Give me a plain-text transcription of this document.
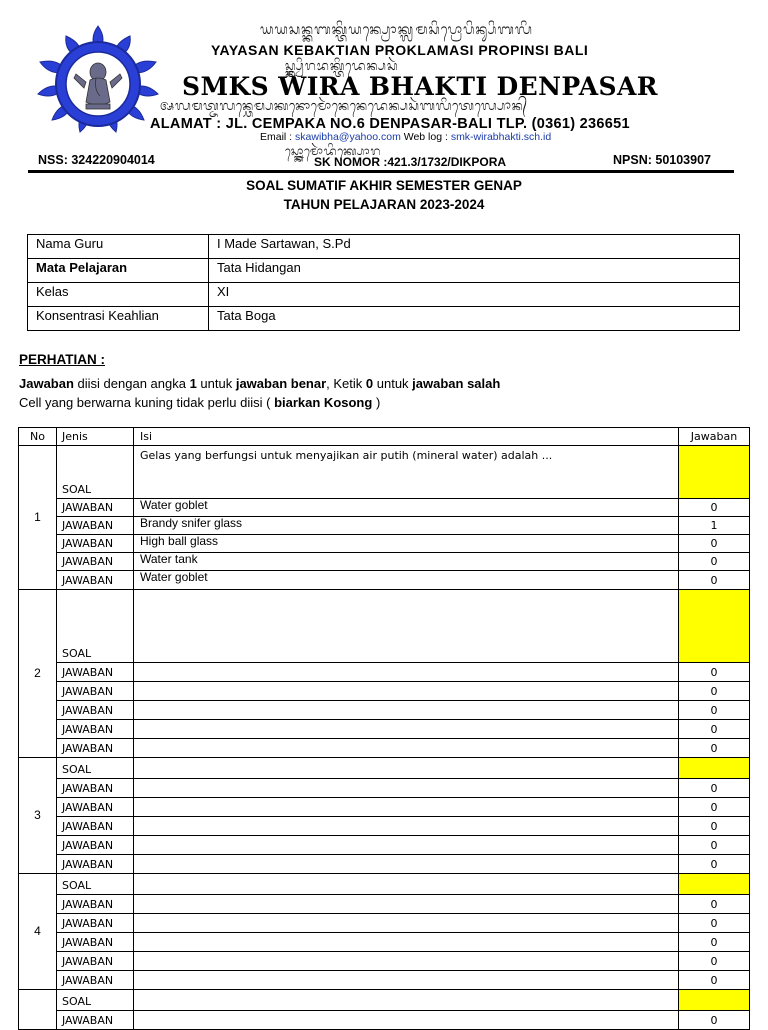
ᬬᬬᬲᬦ᭄ᬓᬩᬓ᭄ᬢᬶᬬᬦ᭄ᬧ᭄ᬭᭀᬓ᭄ᬮᬫᬲᬶᬧ᭄ᬭᭀᬧᬶᬦ᭄ᬲᬶᬩᬮᬶ
YAYASAN KEBAKTIAN PROKLAMASI PROPINSI BALI
ᬲ᭄ᬫ᭄ᬓ᭄ᬲ᭄ᬯᬶᬭᬪᬓ᭄ᬢᬶᬤᬾᬦ᭄ᬧᬲᬃ
SMKS WIRA BHAKTI DENPASAR
ᬅᬮᬫᬢ᭄ᬚᬮᬦ᭄ᬘᬾᬫ᭄ᬧᬓᬦᭀᬫᭀᬃᬦᬾᬦᬾᬤᬾᬦ᭄ᬧᬲᬃᬩᬮᬶᬢᬾᬮ᭄ᬧᭀᬦ᭄
ALAMAT : JL. CEMPAKA NO.6 DENPASAR-BALI TLP. (0361) 236651
Email : skawibha@yahoo.com Web log : smk-wirabhakti.sch.id
ᬲ᭄ᬓ᭄ᬦᭀᬫᭀᬃᬤᬶᬓ᭄ᬧᭀᬭ
NSS: 324220904014	SK NOMOR :421.3/1732/DIKPORA	NPSN: 50103907
SOAL SUMATIF AKHIR SEMESTER GENAP
TAHUN PELAJARAN 2023-2024
Nama Guru	I Made Sartawan, S.Pd
Mata Pelajaran	Tata Hidangan
Kelas	XI
Konsentrasi Keahlian	Tata Boga
PERHATIAN :
Jawaban diisi dengan angka 1 untuk jawaban benar, Ketik 0 untuk jawaban salah
Cell yang berwarna kuning tidak perlu diisi ( biarkan Kosong )
No	Jenis	Isi	Jawaban
1	SOAL	Gelas yang berfungsi untuk menyajikan air putih (mineral water) adalah ...	
	JAWABAN	Water goblet	0
	JAWABAN	Brandy snifer glass	1
	JAWABAN	High ball glass	0
	JAWABAN	Water tank	0
	JAWABAN	Water goblet	0
2	SOAL		
	JAWABAN		0
	JAWABAN		0
	JAWABAN		0
	JAWABAN		0
	JAWABAN		0
3	SOAL		
	JAWABAN		0
	JAWABAN		0
	JAWABAN		0
	JAWABAN		0
	JAWABAN		0
4	SOAL		
	JAWABAN		0
	JAWABAN		0
	JAWABAN		0
	JAWABAN		0
	JAWABAN		0
	SOAL		
	JAWABAN		0
